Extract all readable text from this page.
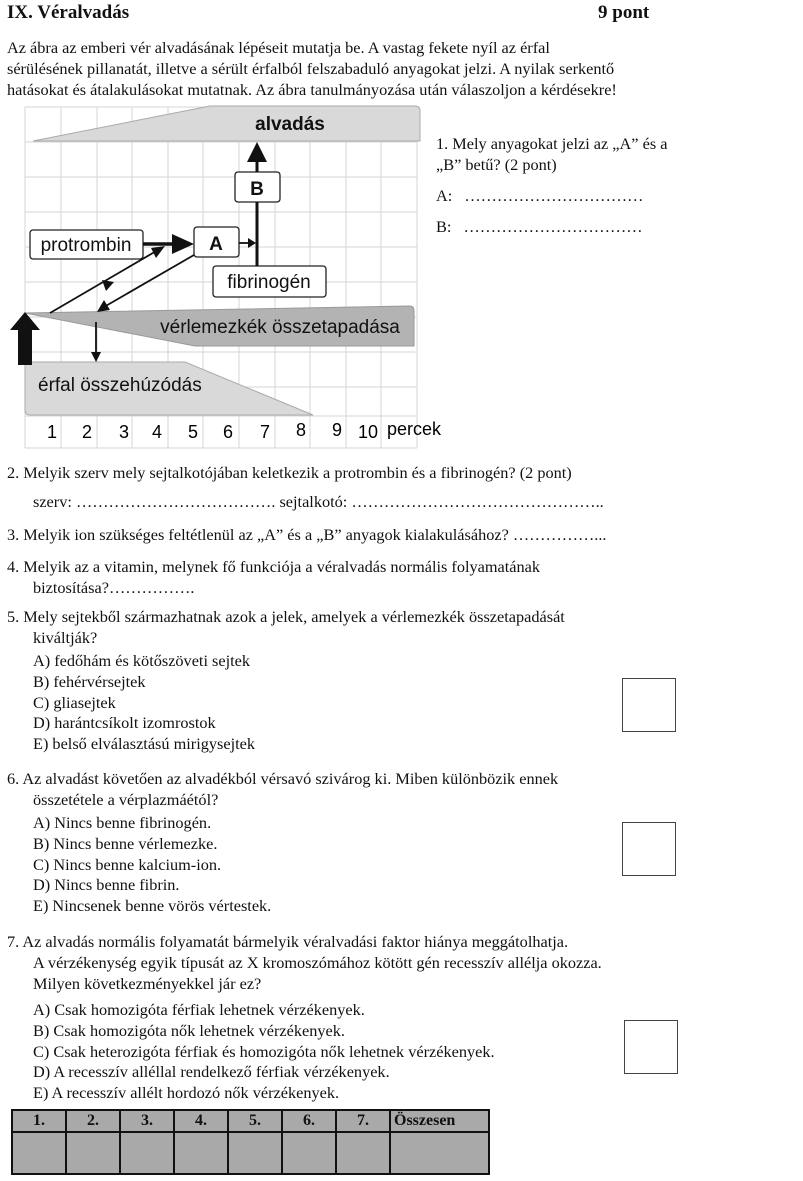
IX. Véralvadás	9 pont
Az ábra az emberi vér alvadásának lépéseit mutatja be. A vastag fekete nyíl az érfal
sérülésének pillanatát, illetve a sérült érfalból felszabaduló anyagokat jelzi. A nyilak serkentő
hatásokat és átalakulásokat mutatnak. Az ábra tanulmányozása után válaszoljon a kérdésekre!
alvadás
vérlemezkék összetapadása
érfal összehúzódás
protrombin	A
B
fibrinogén
1 2 3 4 5 6 7 8 9 10 percek
1. Mely anyagokat jelzi az „A” és a
„B” betű? (2 pont)
A: ……………………………
B: ……………………………
2. Melyik szerv mely sejtalkotójában keletkezik a protrombin és a fibrinogén? (2 pont)
szerv: ………………………………. sejtalkotó: ………………………………………..
3. Melyik ion szükséges feltétlenül az „A” és a „B” anyagok kialakulásához? ……………...
4. Melyik az a vitamin, melynek fő funkciója a véralvadás normális folyamatának
biztosítása?…………….
5. Mely sejtekből származhatnak azok a jelek, amelyek a vérlemezkék összetapadását
kiváltják?
A) fedőhám és kötőszöveti sejtek
B) fehérvérsejtek
C) gliasejtek
D) harántcsíkolt izomrostok
E) belső elválasztású mirigysejtek
6. Az alvadást követően az alvadékból vérsavó szivárog ki. Miben különbözik ennek
összetétele a vérplazmáétól?
A) Nincs benne fibrinogén.
B) Nincs benne vérlemezke.
C) Nincs benne kalcium-ion.
D) Nincs benne fibrin.
E) Nincsenek benne vörös vértestek.
7. Az alvadás normális folyamatát bármelyik véralvadási faktor hiánya meggátolhatja.
A vérzékenység egyik típusát az X kromoszómához kötött gén recesszív allélja okozza.
Milyen következményekkel jár ez?
A) Csak homozigóta férfiak lehetnek vérzékenyek.
B) Csak homozigóta nők lehetnek vérzékenyek.
C) Csak heterozigóta férfiak és homozigóta nők lehetnek vérzékenyek.
D) A recesszív alléllal rendelkező férfiak vérzékenyek.
E) A recesszív allélt hordozó nők vérzékenyek.
1.	2.	3.	4.	5.	6.	7.	Összesen
